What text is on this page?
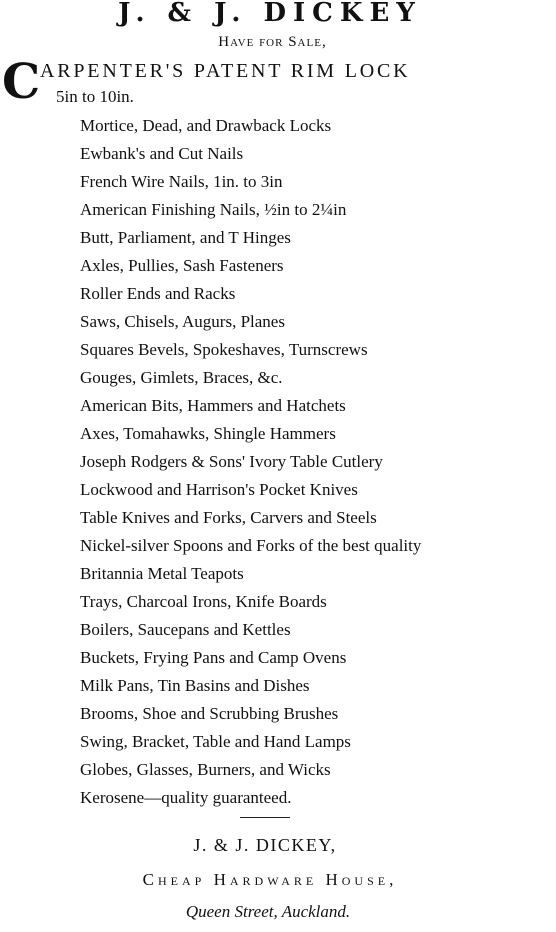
J. & J. DICKEY
Have for Sale,
C ARPENTER'S PATENT RIM LOCK
5in to 10in.
Mortice, Dead, and Drawback Locks
Ewbank's and Cut Nails
French Wire Nails, 1in. to 3in
American Finishing Nails, ½in to 2¼in
Butt, Parliament, and T Hinges
Axles, Pullies, Sash Fasteners
Roller Ends and Racks
Saws, Chisels, Augurs, Planes
Squares Bevels, Spokeshaves, Turnscrews
Gouges, Gimlets, Braces, &c.
American Bits, Hammers and Hatchets
Axes, Tomahawks, Shingle Hammers
Joseph Rodgers & Sons' Ivory Table Cutlery
Lockwood and Harrison's Pocket Knives
Table Knives and Forks, Carvers and Steels
Nickel-silver Spoons and Forks of the best quality
Britannia Metal Teapots
Trays, Charcoal Irons, Knife Boards
Boilers, Saucepans and Kettles
Buckets, Frying Pans and Camp Ovens
Milk Pans, Tin Basins and Dishes
Brooms, Shoe and Scrubbing Brushes
Swing, Bracket, Table and Hand Lamps
Globes, Glasses, Burners, and Wicks
Kerosene—quality guaranteed.
J. & J. DICKEY,
Cheap Hardware House,
Queen Street, Auckland.
